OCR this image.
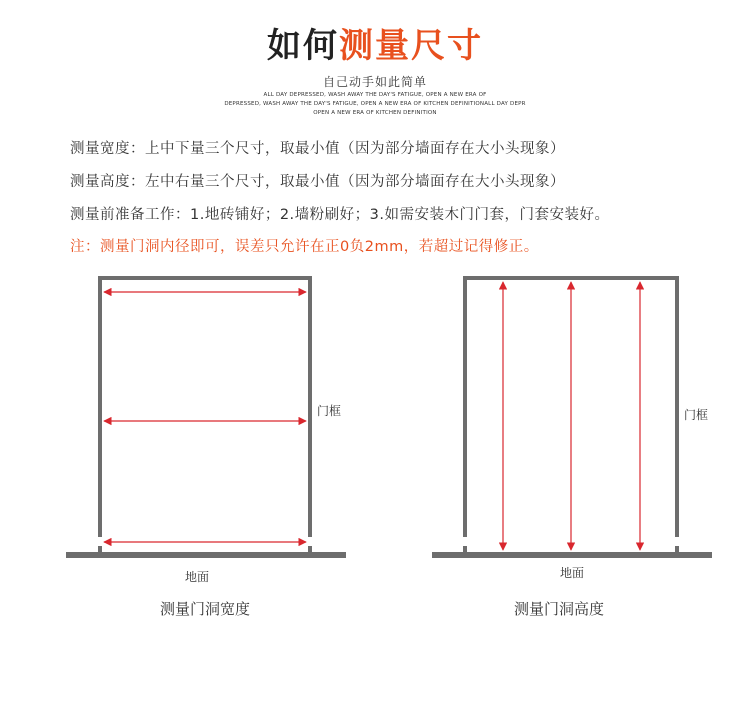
如何测量尺寸
自己动手如此简单
ALL DAY DEPRESSED, WASH AWAY THE DAY'S FATIGUE, OPEN A NEW ERA OF
DEPRESSED, WASH AWAY THE DAY'S FATIGUE, OPEN A NEW ERA OF KITCHEN DEFINITIONALL DAY DEPR
OPEN A NEW ERA OF KITCHEN DEFINITION
测量宽度：上中下量三个尺寸，取最小值（因为部分墙面存在大小头现象）
测量高度：左中右量三个尺寸，取最小值（因为部分墙面存在大小头现象）
测量前准备工作：1.地砖铺好；2.墙粉刷好；3.如需安装木门门套，门套安装好。
注：测量门洞内径即可，误差只允许在正0负2mm，若超过记得修正。
门框
地面
测量门洞宽度
门框
地面
测量门洞高度
